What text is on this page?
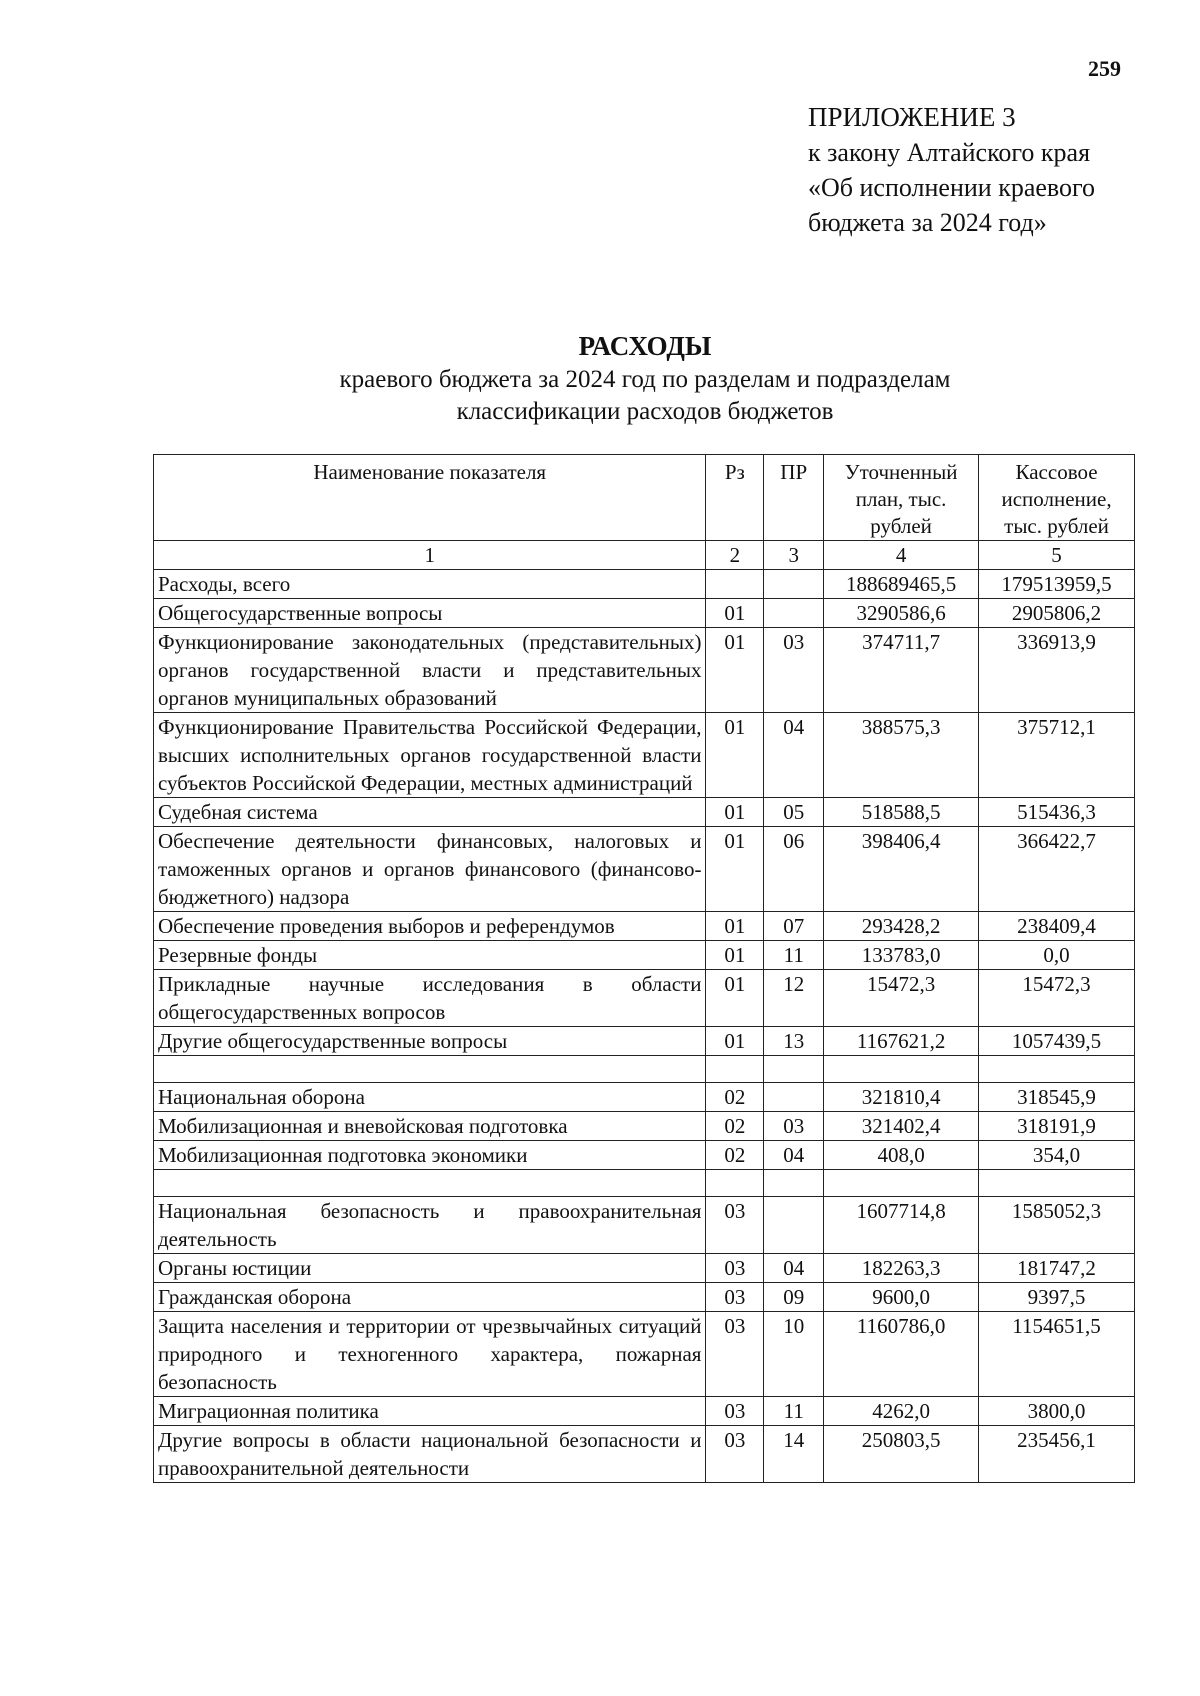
259
ПРИЛОЖЕНИЕ 3
к закону Алтайского края
«Об исполнении краевого
бюджета за 2024 год»
РАСХОДЫ
краевого бюджета за 2024 год по разделам и подразделам
классификации расходов бюджетов
Наименование показателя	Рз	ПР	Уточненный план, тыс. рублей	Кассовое исполнение, тыс. рублей
1	2	3	4	5
Расходы, всего			188689465,5	179513959,5
Общегосударственные вопросы	01		3290586,6	2905806,2
Функционирование законодательных (представительных) органов государственной власти и представительных органов муниципальных образований	01	03	374711,7	336913,9
Функционирование Правительства Российской Федерации, высших исполнительных органов государственной власти субъектов Российской Федерации, местных администраций	01	04	388575,3	375712,1
Судебная система	01	05	518588,5	515436,3
Обеспечение деятельности финансовых, налоговых и таможенных органов и органов финансового (финансово-бюджетного) надзора	01	06	398406,4	366422,7
Обеспечение проведения выборов и референдумов	01	07	293428,2	238409,4
Резервные фонды	01	11	133783,0	0,0
Прикладные научные исследования в области общегосударственных вопросов	01	12	15472,3	15472,3
Другие общегосударственные вопросы	01	13	1167621,2	1057439,5

Национальная оборона	02		321810,4	318545,9
Мобилизационная и вневойсковая подготовка	02	03	321402,4	318191,9
Мобилизационная подготовка экономики	02	04	408,0	354,0

Национальная безопасность и правоохранительная деятельность	03		1607714,8	1585052,3
Органы юстиции	03	04	182263,3	181747,2
Гражданская оборона	03	09	9600,0	9397,5
Защита населения и территории от чрезвычайных ситуаций природного и техногенного характера, пожарная безопасность	03	10	1160786,0	1154651,5
Миграционная политика	03	11	4262,0	3800,0
Другие вопросы в области национальной безопасности и правоохранительной деятельности	03	14	250803,5	235456,1
